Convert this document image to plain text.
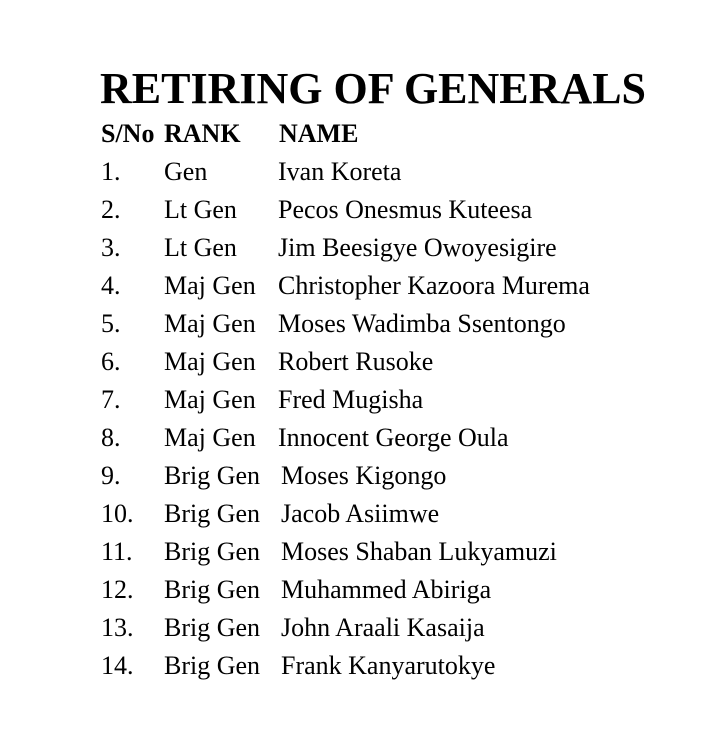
RETIRING OF GENERALS
S/No RANK NAME
1. Gen	Ivan Koreta
2. Lt Gen Pecos Onesmus Kuteesa
3. Lt Gen Jim Beesigye Owoyesigire
4. Maj Gen Christopher Kazoora Murema
5. Maj Gen Moses Wadimba Ssentongo
6. Maj Gen Robert Rusoke
7. Maj Gen Fred Mugisha
8. Maj Gen Innocent George Oula
9. Brig Gen Moses Kigongo
10. Brig Gen Jacob Asiimwe
11. Brig Gen Moses Shaban Lukyamuzi
12. Brig Gen Muhammed Abiriga
13. Brig Gen John Araali Kasaija
14. Brig Gen Frank Kanyarutokye
